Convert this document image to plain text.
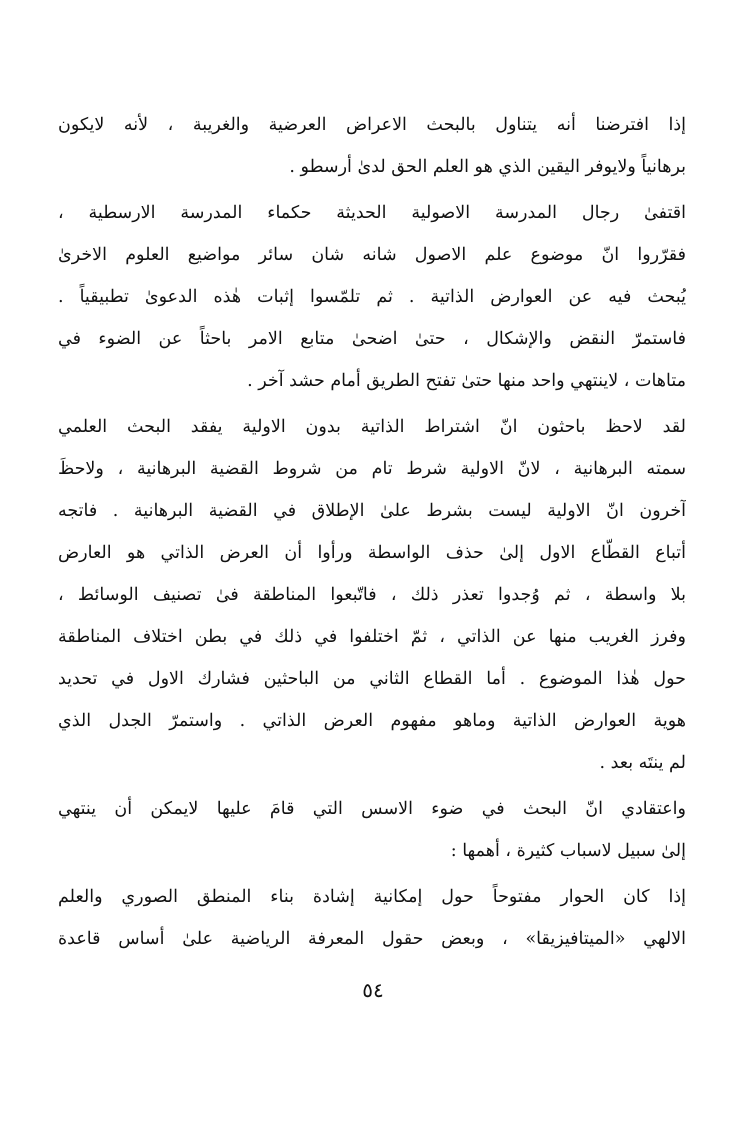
إذا افترضنا أنه يتناول بالبحث الاعراض العرضية والغريبة ، لأنه لايكون
برهانياً ولايوفر اليقين الذي هو العلم الحق لدىٰ أرسطو .
اقتفىٰ رجال المدرسة الاصولية الحديثة حكماء المدرسة الارسطية ،
فقرّروا انّ موضوع علم الاصول شانه شان سائر مواضيع العلوم الاخرىٰ
يُبحث فيه عن العوارض الذاتية . ثم تلمّسوا إثبات هٰذه الدعوىٰ تطبيقياً .
فاستمرّ النقض والإشكال ، حتىٰ اضحىٰ متابع الامر باحثاً عن الضوء في
متاهات ، لاينتهي واحد منها حتىٰ تفتح الطريق أمام حشد آخر .
لقد لاحظ باحثون انّ اشتراط الذاتية بدون الاولية يفقد البحث العلمي
سمته البرهانية ، لانّ الاولية شرط تام من شروط القضية البرهانية ، ولاحظَ
آخرون انّ الاولية ليست بشرط علىٰ الإطلاق في القضية البرهانية . فاتجه
أتباع القطّاع الاول إلىٰ حذف الواسطة ورأوا أن العرض الذاتي هو العارض
بلا واسطة ، ثم وُجدوا تعذر ذلك ، فاتّبعوا المناطقة فىٰ تصنيف الوسائط ،
وفرز الغريب منها عن الذاتي ، ثمّ اختلفوا في ذلك في بطن اختلاف المناطقة
حول هٰذا الموضوع . أما القطاع الثاني من الباحثين فشارك الاول في تحديد
هوية العوارض الذاتية وماهو مفهوم العرض الذاتي . واستمرّ الجدل الذي
لم ينتَه بعد .
واعتقادي انّ البحث في ضوء الاسس التي قامَ عليها لايمكن أن ينتهي
إلىٰ سبيل لاسباب كثيرة ، أهمها :
إذا كان الحوار مفتوحاً حول إمكانية إشادة بناء المنطق الصوري والعلم
الالهي «الميتافيزيقا» ، وبعض حقول المعرفة الرياضية علىٰ أساس قاعدة
٥٤
